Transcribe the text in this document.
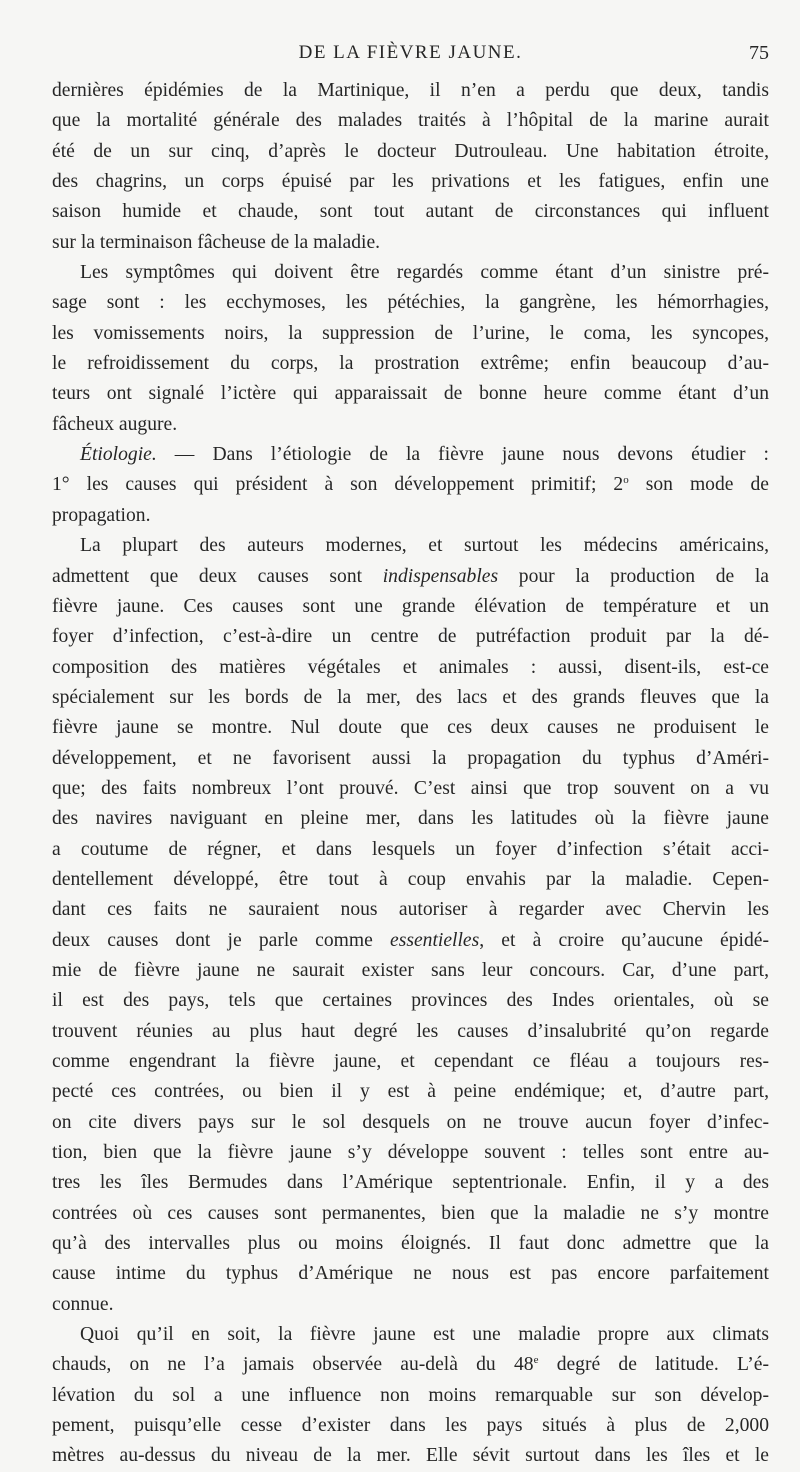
DE LA FIÈVRE JAUNE.	75
dernières épidémies de la Martinique, il n’en a perdu que deux, tandis
que la mortalité générale des malades traités à l’hôpital de la marine aurait
été de un sur cinq, d’après le docteur Dutrouleau. Une habitation étroite,
des chagrins, un corps épuisé par les privations et les fatigues, enfin une
saison humide et chaude, sont tout autant de circonstances qui influent
sur la terminaison fâcheuse de la maladie.
Les symptômes qui doivent être regardés comme étant d’un sinistre pré-
sage sont : les ecchymoses, les pétéchies, la gangrène, les hémorrhagies,
les vomissements noirs, la suppression de l’urine, le coma, les syncopes,
le refroidissement du corps, la prostration extrême; enfin beaucoup d’au-
teurs ont signalé l’ictère qui apparaissait de bonne heure comme étant d’un
fâcheux augure.
Étiologie. — Dans l’étiologie de la fièvre jaune nous devons étudier :
1° les causes qui président à son développement primitif; 2$^o$ son mode de
propagation.
La plupart des auteurs modernes, et surtout les médecins américains,
admettent que deux causes sont indispensables pour la production de la
fièvre jaune. Ces causes sont une grande élévation de température et un
foyer d’infection, c’est-à-dire un centre de putréfaction produit par la dé-
composition des matières végétales et animales : aussi, disent-ils, est-ce
spécialement sur les bords de la mer, des lacs et des grands fleuves que la
fièvre jaune se montre. Nul doute que ces deux causes ne produisent le
développement, et ne favorisent aussi la propagation du typhus d’Améri-
que; des faits nombreux l’ont prouvé. C’est ainsi que trop souvent on a vu
des navires naviguant en pleine mer, dans les latitudes où la fièvre jaune
a coutume de régner, et dans lesquels un foyer d’infection s’était acci-
dentellement développé, être tout à coup envahis par la maladie. Cepen-
dant ces faits ne sauraient nous autoriser à regarder avec Chervin les
deux causes dont je parle comme essentielles, et à croire qu’aucune épidé-
mie de fièvre jaune ne saurait exister sans leur concours. Car, d’une part,
il est des pays, tels que certaines provinces des Indes orientales, où se
trouvent réunies au plus haut degré les causes d’insalubrité qu’on regarde
comme engendrant la fièvre jaune, et cependant ce fléau a toujours res-
pecté ces contrées, ou bien il y est à peine endémique; et, d’autre part,
on cite divers pays sur le sol desquels on ne trouve aucun foyer d’infec-
tion, bien que la fièvre jaune s’y développe souvent : telles sont entre au-
tres les îles Bermudes dans l’Amérique septentrionale. Enfin, il y a des
contrées où ces causes sont permanentes, bien que la maladie ne s’y montre
qu’à des intervalles plus ou moins éloignés. Il faut donc admettre que la
cause intime du typhus d’Amérique ne nous est pas encore parfaitement
connue.
Quoi qu’il en soit, la fièvre jaune est une maladie propre aux climats
chauds, on ne l’a jamais observée au-delà du 48e degré de latitude. L’é-
lévation du sol a une influence non moins remarquable sur son dévelop-
pement, puisqu’elle cesse d’exister dans les pays situés à plus de 2,000
mètres au-dessus du niveau de la mer. Elle sévit surtout dans les îles et le
